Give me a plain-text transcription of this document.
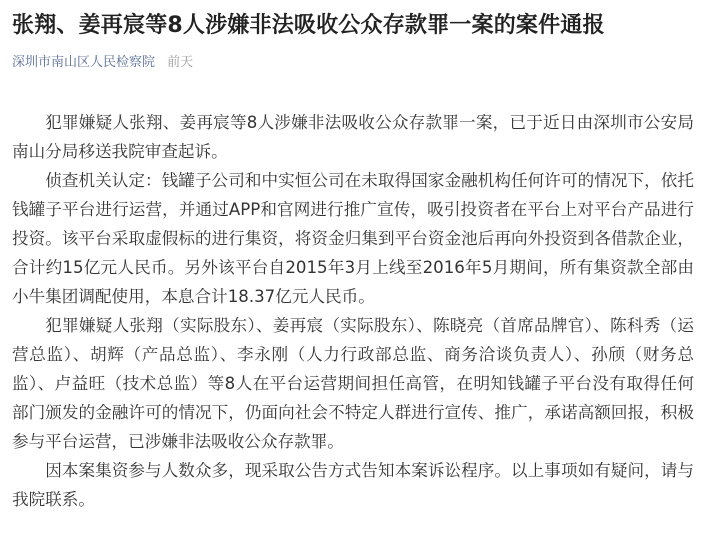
张翔、姜再宸等8人涉嫌非法吸收公众存款罪一案的案件通报
深圳市南山区人民检察院 前天

犯罪嫌疑人张翔、姜再宸等8人涉嫌非法吸收公众存款罪一案，已于近日由深圳市公安局南山分局移送我院审查起诉。

侦查机关认定：钱罐子公司和中实恒公司在未取得国家金融机构任何许可的情况下，依托钱罐子平台进行运营，并通过APP和官网进行推广宣传，吸引投资者在平台上对平台产品进行投资。该平台采取虚假标的进行集资，将资金归集到平台资金池后再向外投资到各借款企业，合计约15亿元人民币。另外该平台自2015年3月上线至2016年5月期间，所有集资款全部由小牛集团调配使用，本息合计18.37亿元人民币。

犯罪嫌疑人张翔（实际股东）、姜再宸（实际股东）、陈晓亮（首席品牌官）、陈科秀（运营总监）、胡辉（产品总监）、李永刚（人力行政部总监、商务洽谈负责人）、孙颀（财务总监）、卢益旺（技术总监）等8人在平台运营期间担任高管，在明知钱罐子平台没有取得任何部门颁发的金融许可的情况下，仍面向社会不特定人群进行宣传、推广，承诺高额回报，积极参与平台运营，已涉嫌非法吸收公众存款罪。

因本案集资参与人数众多，现采取公告方式告知本案诉讼程序。以上事项如有疑问，请与我院联系。
